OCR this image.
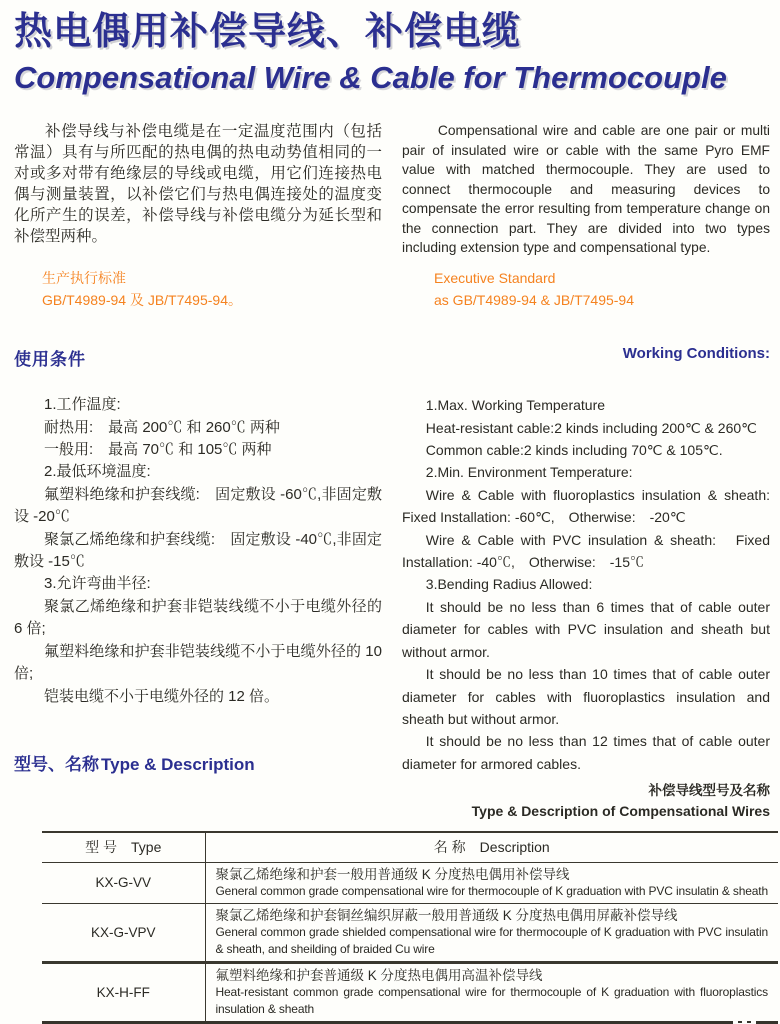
热电偶用补偿导线、补偿电缆
Compensational Wire & Cable for Thermocouple

补偿导线与补偿电缆是在一定温度范围内（包括常温）具有与所匹配的热电偶的热电动势值相同的一对或多对带有绝缘层的导线或电缆，用它们连接热电偶与测量装置，以补偿它们与热电偶连接处的温度变化所产生的误差，补偿导线与补偿电缆分为延长型和补偿型两种。

Compensational wire and cable are one pair or multi pair of insulated wire or cable with the same Pyro EMF value with matched thermocouple. They are used to connect thermocouple and measuring devices to compensate the error resulting from temperature change on the connection part. They are divided into two types including extension type and compensational type.

生产执行标准

GB/T4989-94 及 JB/T7495-94。

Executive Standard

as GB/T4989-94 & JB/T7495-94

使用条件	Working Conditions:

1.工作温度:

耐热用:　最高 200℃ 和 260℃ 两种

一般用:　最高 70℃ 和 105℃ 两种

2.最低环境温度:

氟塑料绝缘和护套线缆:　固定敷设 -60℃,非固定敷设 -20℃

聚氯乙烯绝缘和护套线缆:　固定敷设 -40℃,非固定敷设 -15℃

3.允许弯曲半径:

聚氯乙烯绝缘和护套非铠装线缆不小于电缆外径的 6 倍;

氟塑料绝缘和护套非铠装线缆不小于电缆外径的 10 倍;

铠装电缆不小于电缆外径的 12 倍。

1.Max. Working Temperature

Heat-resistant cable:2 kinds including 200℃ & 260℃

Common cable:2 kinds including 70℃ & 105℃.

2.Min. Environment Temperature:

Wire & Cable with fluoroplastics insulation & sheath: Fixed Installation: -60℃,　Otherwise:　-20℃

Wire & Cable with PVC insulation & sheath:　Fixed Installation: -40℃,　Otherwise:　-15℃

3.Bending Radius Allowed:

It should be no less than 6 times that of cable outer diameter for cables with PVC insulation and sheath but without armor.

It should be no less than 10 times that of cable outer diameter for cables with fluoroplastics insulation and sheath but without armor.

It should be no less than 12 times that of cable outer diameter for armored cables.

型号、名称 Type & Description
补偿导线型号及名称
Type & Description of Compensational Wires
型 号 Type	名 称 Description
KX-G-VV	聚氯乙烯绝缘和护套一般用普通级 K 分度热电偶用补偿导线
General common grade compensational wire for thermocouple of K graduation with PVC insulatin & sheath

KX-G-VPV	聚氯乙烯绝缘和护套铜丝编织屏蔽一般用普通级 K 分度热电偶用屏蔽补偿导线
General common grade shielded compensational wire for thermocouple of K graduation with PVC insulatin & sheath, and sheilding of braided Cu wire

KX-H-FF	氟塑料绝缘和护套普通级 K 分度热电偶用高温补偿导线
Heat-resistant common grade compensational wire for thermocouple of K graduation with fluoroplastics insulation & sheath
